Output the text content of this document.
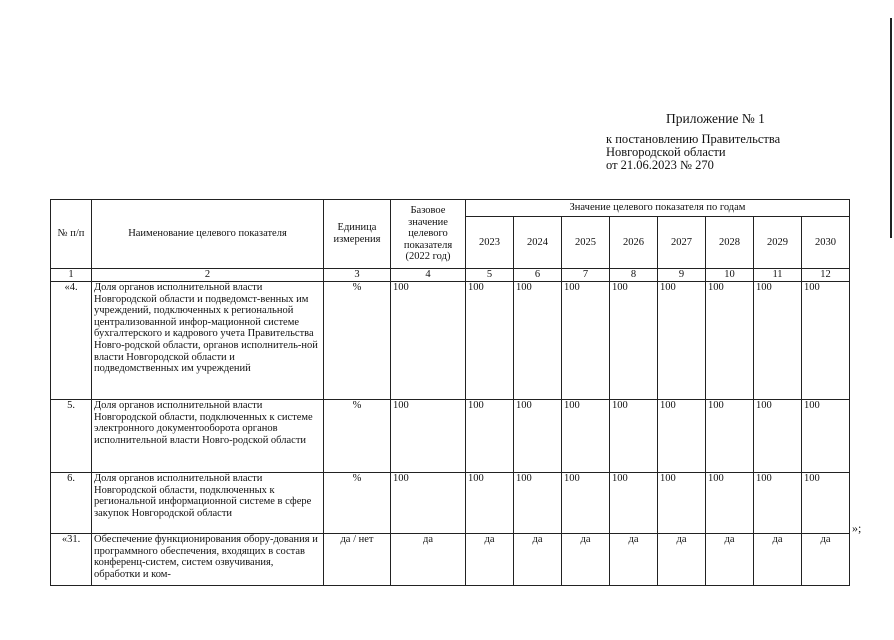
Приложение № 1
к постановлению Правительства
Новгородской области
от 21.06.2023 № 270
№ п/п	Наименование целевого показателя	Единица измерения	Базовое значение целевого показателя (2022 год)	Значение целевого показателя по годам							
				2023	2024	2025	2026	2027	2028	2029	2030
1	2	3	4	5	6	7	8	9	10	11	12
«4.	Доля органов исполнительной власти Новгородской области и подведомст-венных им учреждений, подключенных к региональной централизованной инфор-мационной системе бухгалтерского и кадрового учета Правительства Новго-родской области, органов исполнитель-ной власти Новгородской области и подведомственных им учреждений	%	100	100	100	100	100	100	100	100	100
5.	Доля органов исполнительной власти Новгородской области, подключенных к системе электронного документооборота органов исполнительной власти Новго-родской области	%	100	100	100	100	100	100	100	100	100
6.	Доля органов исполнительной власти Новгородской области, подключенных к региональной информационной системе в сфере закупок Новгородской области	%	100	100	100	100	100	100	100	100	100
«31.	Обеспечение функционирования обору-дования и программного обеспечения, входящих в состав конференц-систем, систем озвучивания, обработки и ком-	да / нет	да	да	да	да	да	да	да	да	да
»;
